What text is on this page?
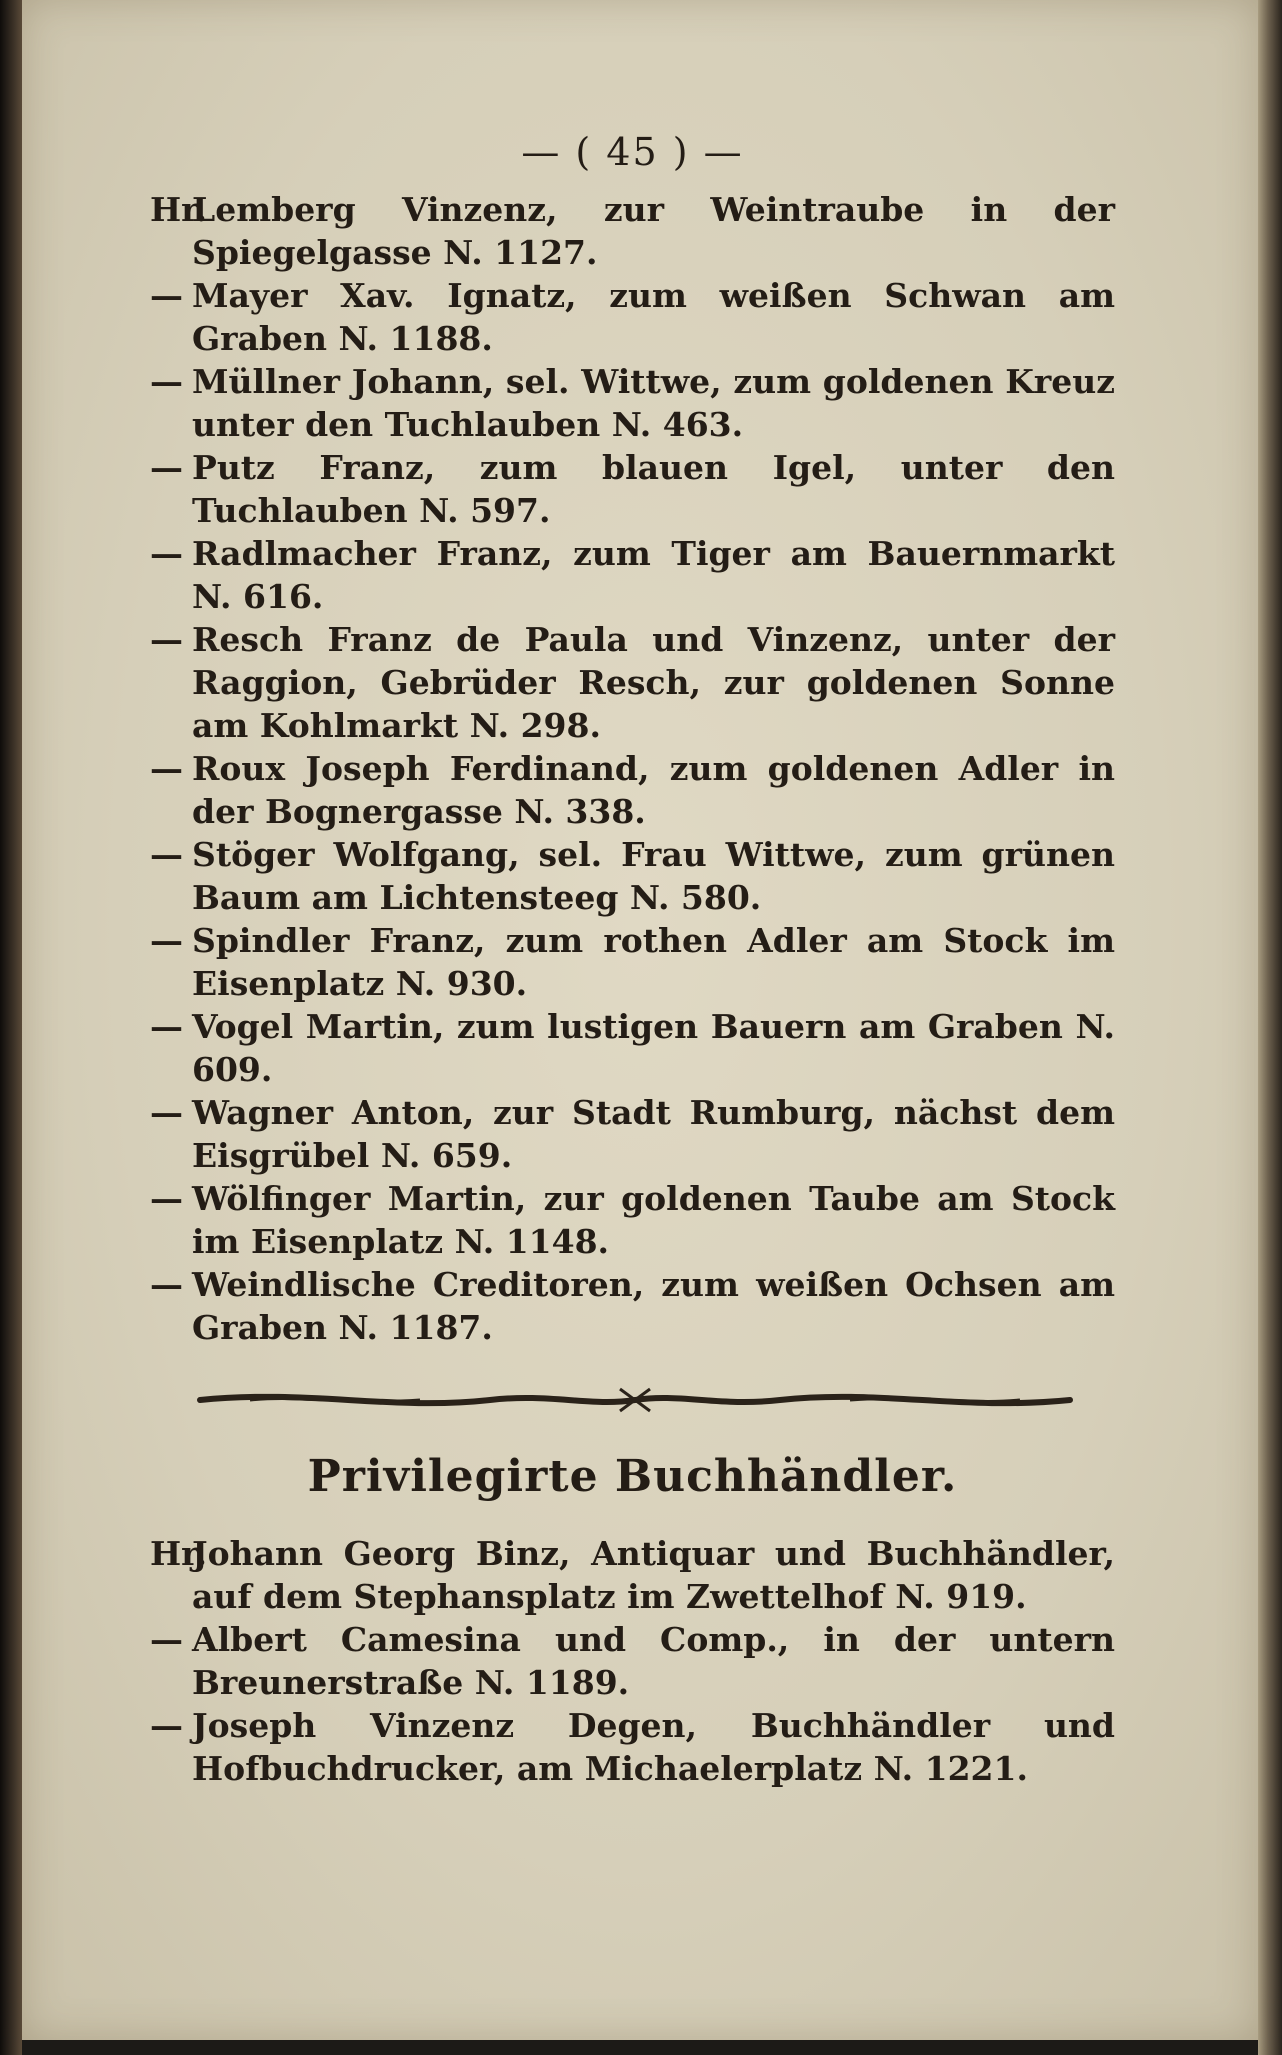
— ( 45 ) —
Hr.Lemberg Vinzenz, zur Weintraube in der Spiegelgasse N. 1127.
— Mayer Xav. Ignatz, zum weißen Schwan am Graben N. 1188.
— Müllner Johann, sel. Wittwe, zum goldenen Kreuz unter den Tuchlauben N. 463.
— Putz Franz, zum blauen Igel, unter den Tuchlauben N. 597.
— Radlmacher Franz, zum Tiger am Bauernmarkt N. 616.
— Resch Franz de Paula und Vinzenz, unter der Raggion, Gebrüder Resch, zur goldenen Sonne am Kohlmarkt N. 298.
— Roux Joseph Ferdinand, zum goldenen Adler in der Bognergasse N. 338.
— Stöger Wolfgang, sel. Frau Wittwe, zum grünen Baum am Lichtensteeg N. 580.
— Spindler Franz, zum rothen Adler am Stock im Eisenplatz N. 930.
— Vogel Martin, zum lustigen Bauern am Graben N. 609.
— Wagner Anton, zur Stadt Rumburg, nächst dem Eisgrübel N. 659.
— Wölfinger Martin, zur goldenen Taube am Stock im Eisenplatz N. 1148.
— Weindlische Creditoren, zum weißen Ochsen am Graben N. 1187.
Privilegirte Buchhändler.
Hr.Johann Georg Binz, Antiquar und Buchhändler, auf dem Stephansplatz im Zwettelhof N. 919.
— Albert Camesina und Comp., in der untern Breunerstraße N. 1189.
— Joseph Vinzenz Degen, Buchhändler und Hofbuchdrucker, am Michaelerplatz N. 1221.
